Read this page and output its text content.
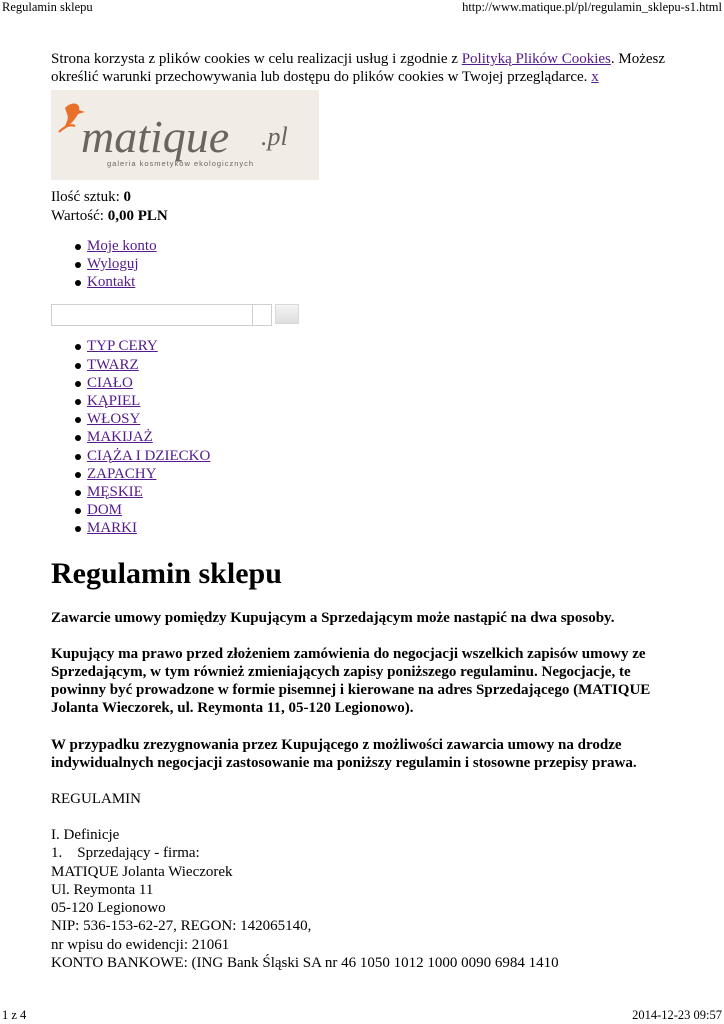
Regulamin sklepu	http://www.matique.pl/pl/regulamin_sklepu-s1.html

Strona korzysta z plików cookies w celu realizacji usług i zgodnie z Polityką Plików Cookies. Możesz określić warunki przechowywania lub dostępu do plików cookies w Twojej przeglądarce. x

matique .pl
galeria kosmetyków ekologicznych

Ilość sztuk: 0

Wartość: 0,00 PLN

Moje konto
Wyloguj
Kontakt
TYP CERY
TWARZ
CIAŁO
KĄPIEL
WŁOSY
MAKIJAŻ
CIĄŻA I DZIECKO
ZAPACHY
MĘSKIE
DOM
MARKI
Regulamin sklepu

Zawarcie umowy pomiędzy Kupującym a Sprzedającym może nastąpić na dwa sposoby.

Kupujący ma prawo przed złożeniem zamówienia do negocjacji wszelkich zapisów umowy ze Sprzedającym, w tym również zmieniających zapisy poniższego regulaminu. Negocjacje, te powinny być prowadzone w formie pisemnej i kierowane na adres Sprzedającego (MATIQUE Jolanta Wieczorek, ul. Reymonta 11, 05-120 Legionowo).

W przypadku zrezygnowania przez Kupującego z możliwości zawarcia umowy na drodze indywidualnych negocjacji zastosowanie ma poniższy regulamin i stosowne przepisy prawa.

REGULAMIN

I. Definicje

1.    Sprzedający - firma:

MATIQUE Jolanta Wieczorek

Ul. Reymonta 11

05-120 Legionowo

NIP: 536-153-62-27, REGON: 142065140,

nr wpisu do ewidencji: 21061

KONTO BANKOWE: (ING Bank Śląski SA nr 46 1050 1012 1000 0090 6984 1410

1 z 4	2014-12-23 09:57
